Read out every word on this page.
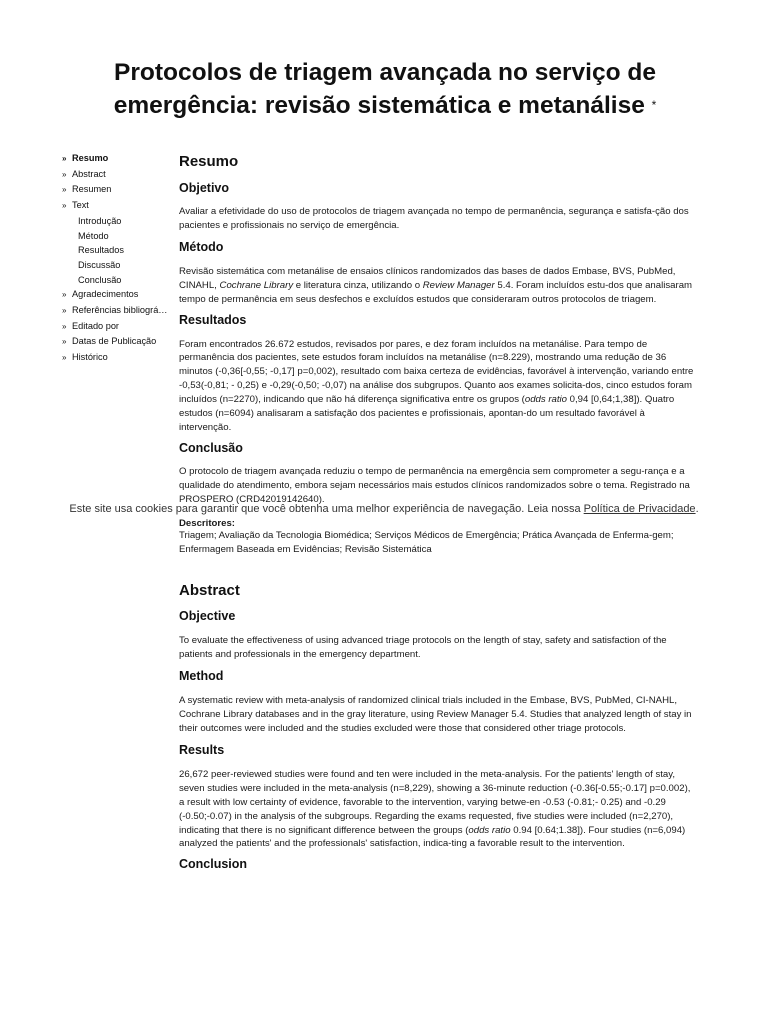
Protocolos de triagem avançada no serviço de emergência: revisão sistemática e metanálise *
» Resumo
» Abstract
» Resumen
» Text
Introdução
Método
Resultados
Discussão
Conclusão
» Agradecimentos
» Referências bibliográ…
» Editado por
» Datas de Publicação
» Histórico
Resumo
Objetivo

Avaliar a efetividade do uso de protocolos de triagem avançada no tempo de permanência, segurança e satisfa-ção dos pacientes e profissionais no serviço de emergência.

Método

Revisão sistemática com metanálise de ensaios clínicos randomizados das bases de dados Embase, BVS, PubMed, CINAHL, Cochrane Library e literatura cinza, utilizando o Review Manager 5.4. Foram incluídos estu-dos que analisaram tempo de permanência em seus desfechos e excluídos estudos que consideraram outros protocolos de triagem.

Resultados

Foram encontrados 26.672 estudos, revisados por pares, e dez foram incluídos na metanálise. Para tempo de permanência dos pacientes, sete estudos foram incluídos na metanálise (n=8.229), mostrando uma redução de 36 minutos (-0,36[-0,55; -0,17] p=0,002), resultado com baixa certeza de evidências, favorável à intervenção, variando entre -0,53(-0,81; - 0,25) e -0,29(-0,50; -0,07) na análise dos subgrupos. Quanto aos exames solicita-dos, cinco estudos foram incluídos (n=2270), indicando que não há diferença significativa entre os grupos (odds ratio 0,94 [0,64;1,38]). Quatro estudos (n=6094) analisaram a satisfação dos pacientes e profissionais, apontan-do um resultado favorável à intervenção.

Conclusão

O protocolo de triagem avançada reduziu o tempo de permanência na emergência sem comprometer a segu-rança e a qualidade do atendimento, embora sejam necessários mais estudos clínicos randomizados sobre o tema. Registrado na PROSPERO (CRD42019142640).

Descritores:

Triagem; Avaliação da Tecnologia Biomédica; Serviços Médicos de Emergência; Prática Avançada de Enferma-gem; Enfermagem Baseada em Evidências; Revisão Sistemática

Abstract
Objective

To evaluate the effectiveness of using advanced triage protocols on the length of stay, safety and satisfaction of the patients and professionals in the emergency department.

Method

A systematic review with meta-analysis of randomized clinical trials included in the Embase, BVS, PubMed, CI-NAHL, Cochrane Library databases and in the gray literature, using Review Manager 5.4. Studies that analyzed length of stay in their outcomes were included and the studies excluded were those that considered other triage protocols.

Results

26,672 peer-reviewed studies were found and ten were included in the meta-analysis. For the patients' length of stay, seven studies were included in the meta-analysis (n=8,229), showing a 36-minute reduction (-0.36[-0.55;-0.17] p=0.002), a result with low certainty of evidence, favorable to the intervention, varying betwe-en -0.53 (-0.81;- 0.25) and -0.29 (-0.50;-0.07) in the analysis of the subgroups. Regarding the exams requested, five studies were included (n=2,270), indicating that there is no significant difference between the groups (odds ratio 0.94 [0.64;1.38]). Four studies (n=6,094) analyzed the patients' and the professionals' satisfaction, indica-ting a favorable result to the intervention.

Conclusion
Este site usa cookies para garantir que você obtenha uma melhor experiência de navegação. Leia nossa Política de Privacidade.
